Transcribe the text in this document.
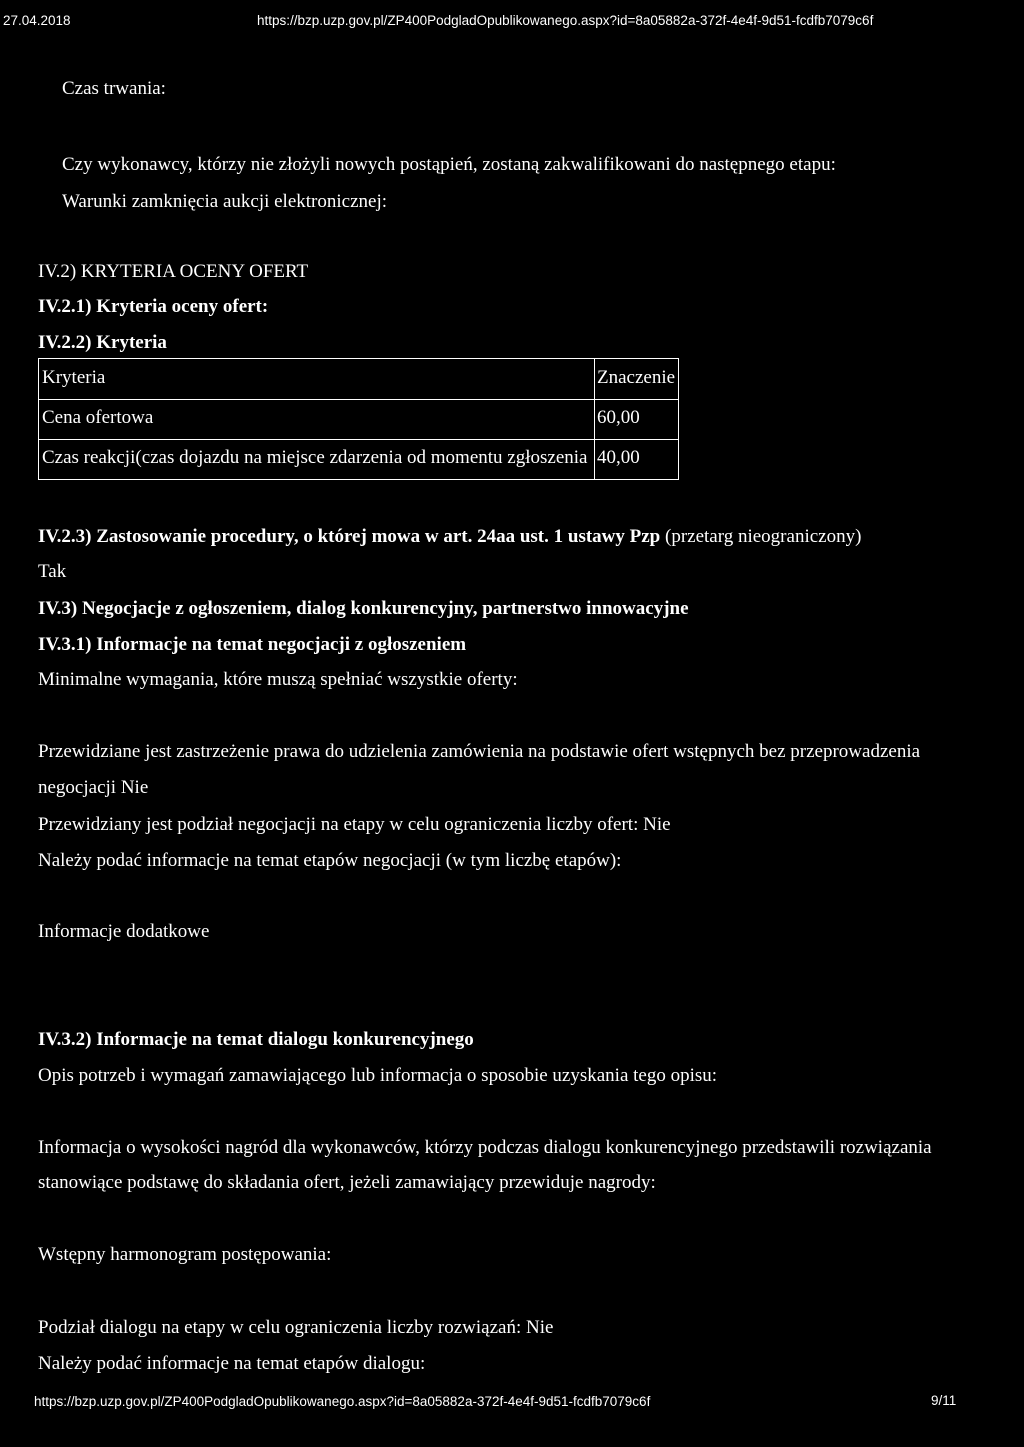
27.04.2018	https://bzp.uzp.gov.pl/ZP400PodgladOpublikowanego.aspx?id=8a05882a-372f-4e4f-9d51-fcdfb7079c6f
Czas trwania:
Czy wykonawcy, którzy nie złożyli nowych postąpień, zostaną zakwalifikowani do następnego etapu:
Warunki zamknięcia aukcji elektronicznej:
IV.2) KRYTERIA OCENY OFERT
IV.2.1) Kryteria oceny ofert:
IV.2.2) Kryteria
Kryteria	Znaczenie
Cena ofertowa	60,00
Czas reakcji(czas dojazdu na miejsce zdarzenia od momentu zgłoszenia 40,00
IV.2.3) Zastosowanie procedury, o której mowa w art. 24aa ust. 1 ustawy Pzp (przetarg nieograniczony)
Tak
IV.3) Negocjacje z ogłoszeniem, dialog konkurencyjny, partnerstwo innowacyjne
IV.3.1) Informacje na temat negocjacji z ogłoszeniem
Minimalne wymagania, które muszą spełniać wszystkie oferty:
Przewidziane jest zastrzeżenie prawa do udzielenia zamówienia na podstawie ofert wstępnych bez przeprowadzenia
negocjacji Nie
Przewidziany jest podział negocjacji na etapy w celu ograniczenia liczby ofert: Nie
Należy podać informacje na temat etapów negocjacji (w tym liczbę etapów):
Informacje dodatkowe
IV.3.2) Informacje na temat dialogu konkurencyjnego
Opis potrzeb i wymagań zamawiającego lub informacja o sposobie uzyskania tego opisu:
Informacja o wysokości nagród dla wykonawców, którzy podczas dialogu konkurencyjnego przedstawili rozwiązania
stanowiące podstawę do składania ofert, jeżeli zamawiający przewiduje nagrody:
Wstępny harmonogram postępowania:
Podział dialogu na etapy w celu ograniczenia liczby rozwiązań: Nie
Należy podać informacje na temat etapów dialogu:
https://bzp.uzp.gov.pl/ZP400PodgladOpublikowanego.aspx?id=8a05882a-372f-4e4f-9d51-fcdfb7079c6f	9/11
